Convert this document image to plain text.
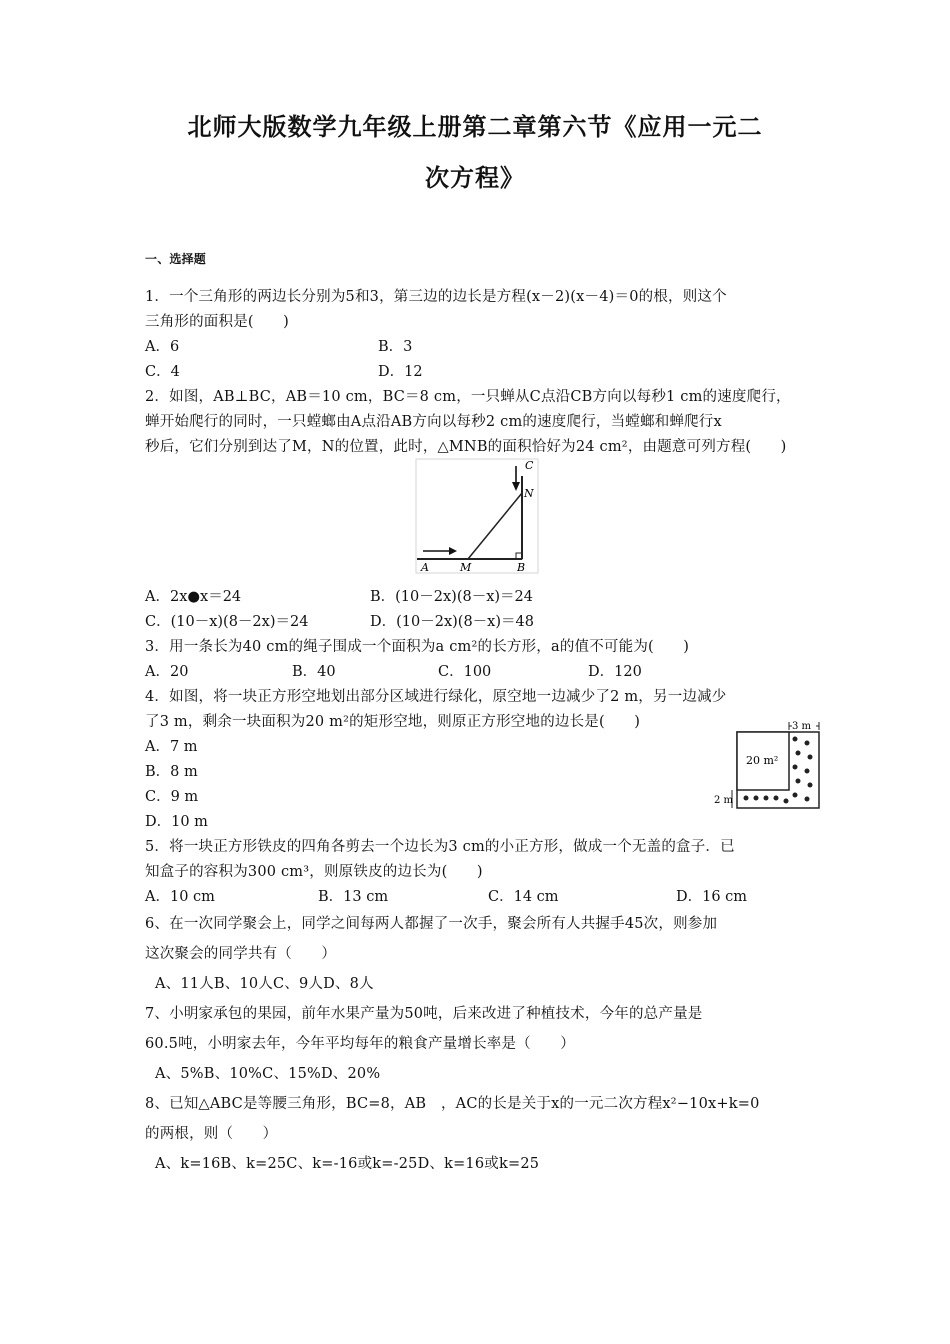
北师大版数学九年级上册第二章第六节《应用一元二
次方程》
一、选择题
1．一个三角形的两边长分别为5和3，第三边的边长是方程(x－2)(x－4)＝0的根，则这个
三角形的面积是(　　)
A．6	B．3
C．4	D．12
2．如图，AB⊥BC，AB＝10 cm，BC＝8 cm，一只蝉从C点沿CB方向以每秒1 cm的速度爬行，
蝉开始爬行的同时，一只螳螂由A点沿AB方向以每秒2 cm的速度爬行，当螳螂和蝉爬行x
秒后，它们分别到达了M，N的位置，此时，△MNB的面积恰好为24 cm²，由题意可列方程(　　)
A	M	B
N
C
A．2x●x＝24	B．(10－2x)(8－x)＝24
C．(10－x)(8－2x)＝24	D．(10－2x)(8－x)＝48
3．用一条长为40 cm的绳子围成一个面积为a cm²的长方形，a的值不可能为(　　)
A．20	B．40	C．100	D．120
4．如图，将一块正方形空地划出部分区域进行绿化，原空地一边减少了2 m，另一边减少
了3 m，剩余一块面积为20 m²的矩形空地，则原正方形空地的边长是(　　)
A．7 m
B．8 m
C．9 m
D．10 m
3 m
20 m²
2 m
5．将一块正方形铁皮的四角各剪去一个边长为3 cm的小正方形，做成一个无盖的盒子．已
知盒子的容积为300 cm³，则原铁皮的边长为(　　)
A．10 cm	B．13 cm	C．14 cm	D．16 cm
6、在一次同学聚会上，同学之间每两人都握了一次手，聚会所有人共握手45次，则参加
这次聚会的同学共有（　　）
A、11人B、10人C、9人D、8人
7、小明家承包的果园，前年水果产量为50吨，后来改进了种植技术，今年的总产量是
60.5吨，小明家去年，今年平均每年的粮食产量增长率是（　　）
A、5%B、10%C、15%D、20%
8、已知△ABC是等腰三角形，BC=8，AB　，AC的长是关于x的一元二次方程x²−10x+k=0
的两根，则（　　）
A、k=16B、k=25C、k=-16或k=-25D、k=16或k=25
